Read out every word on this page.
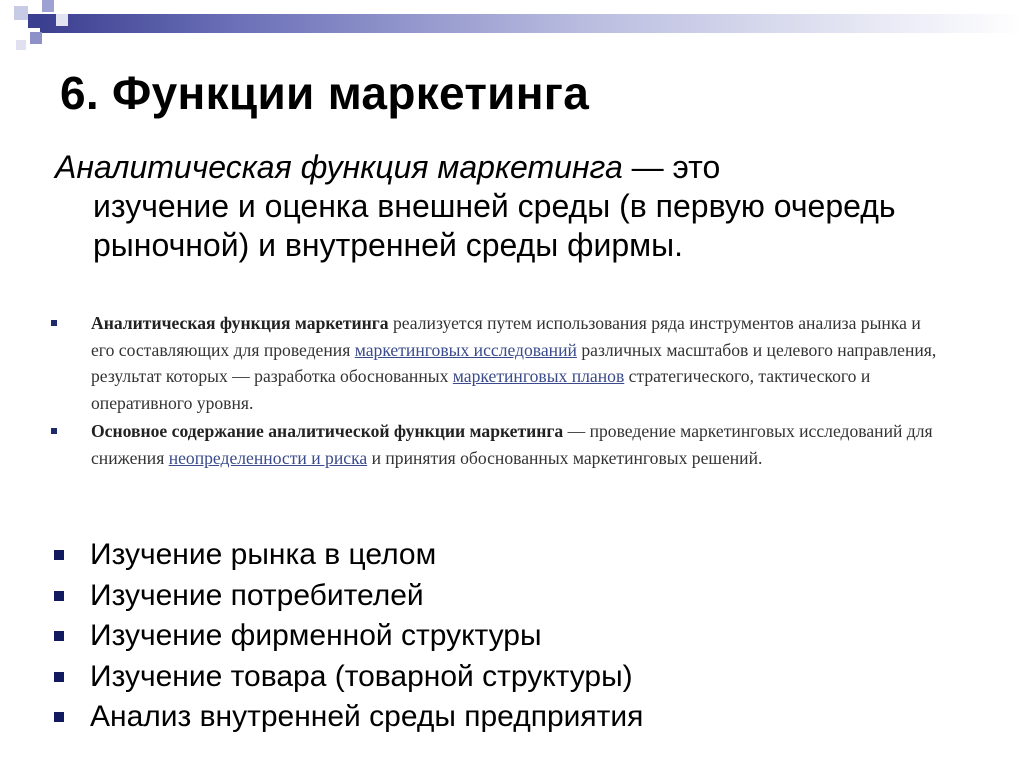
6. Функции маркетинга
Аналитическая функция маркетинга — это
изучение и оценка внешней среды (в первую очередь рыночной) и внутренней среды фирмы.
Аналитическая функция маркетинга реализуется путем использования ряда инструментов анализа рынка и его составляющих для проведения маркетинговых исследований различных масштабов и целевого направления, результат которых — разработка обоснованных маркетинговых планов стратегического, тактического и оперативного уровня.
Основное содержание аналитической функции маркетинга — проведение маркетинговых исследований для снижения неопределенности и риска и принятия обоснованных маркетинговых решений.
Изучение рынка в целом
Изучение потребителей
Изучение фирменной структуры
Изучение товара (товарной структуры)
Анализ внутренней среды предприятия
